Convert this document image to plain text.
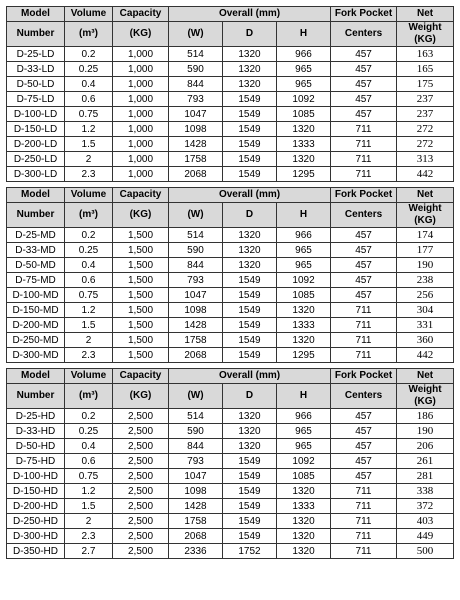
Model	Volume	Capacity	Overall (mm)			Fork Pocket	Net
Number	(m³)	(KG)	(W)	D	H	Centers	Weight
(KG)
D-25-LD	0.2	1,000	514	1320	966	457	163
D-33-LD	0.25	1,000	590	1320	965	457	165
D-50-LD	0.4	1,000	844	1320	965	457	175
D-75-LD	0.6	1,000	793	1549	1092	457	237
D-100-LD	0.75	1,000	1047	1549	1085	457	237
D-150-LD	1.2	1,000	1098	1549	1320	711	272
D-200-LD	1.5	1,000	1428	1549	1333	711	272
D-250-LD	2	1,000	1758	1549	1320	711	313
D-300-LD	2.3	1,000	2068	1549	1295	711	442

Model	Volume	Capacity	Overall (mm)			Fork Pocket	Net
Number	(m³)	(KG)	(W)	D	H	Centers	Weight
(KG)
D-25-MD	0.2	1,500	514	1320	966	457	174
D-33-MD	0.25	1,500	590	1320	965	457	177
D-50-MD	0.4	1,500	844	1320	965	457	190
D-75-MD	0.6	1,500	793	1549	1092	457	238
D-100-MD	0.75	1,500	1047	1549	1085	457	256
D-150-MD	1.2	1,500	1098	1549	1320	711	304
D-200-MD	1.5	1,500	1428	1549	1333	711	331
D-250-MD	2	1,500	1758	1549	1320	711	360
D-300-MD	2.3	1,500	2068	1549	1295	711	442

Model	Volume	Capacity	Overall (mm)			Fork Pocket	Net
Number	(m³)	(KG)	(W)	D	H	Centers	Weight
(KG)
D-25-HD	0.2	2,500	514	1320	966	457	186
D-33-HD	0.25	2,500	590	1320	965	457	190
D-50-HD	0.4	2,500	844	1320	965	457	206
D-75-HD	0.6	2,500	793	1549	1092	457	261
D-100-HD	0.75	2,500	1047	1549	1085	457	281
D-150-HD	1.2	2,500	1098	1549	1320	711	338
D-200-HD	1.5	2,500	1428	1549	1333	711	372
D-250-HD	2	2,500	1758	1549	1320	711	403
D-300-HD	2.3	2,500	2068	1549	1320	711	449
D-350-HD	2.7	2,500	2336	1752	1320	711	500
